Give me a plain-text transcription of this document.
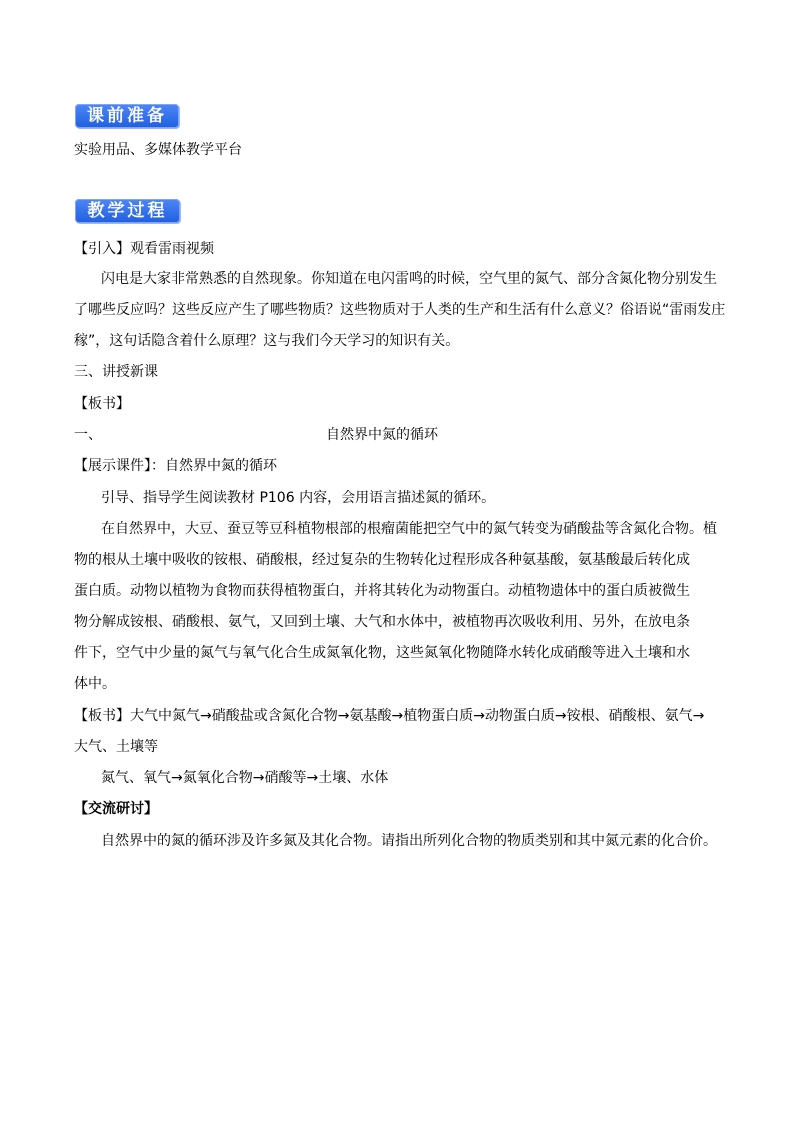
课前准备
实验用品、多媒体教学平台
教学过程
【引入】观看雷雨视频
闪电是大家非常熟悉的自然现象。你知道在电闪雷鸣的时候，空气里的氮气、部分含氮化物分别发生
了哪些反应吗？这些反应产生了哪些物质？这些物质对于人类的生产和生活有什么意义？俗语说“雷雨发庄
稼”，这句话隐含着什么原理？这与我们今天学习的知识有关。
三、讲授新课
【板书】
一、	自然界中氮的循环
【展示课件】：自然界中氮的循环
引导、指导学生阅读教材 P106 内容，会用语言描述氮的循环。
在自然界中，大豆、蚕豆等豆科植物根部的根瘤菌能把空气中的氮气转变为硝酸盐等含氮化合物。植
物的根从土壤中吸收的铵根、硝酸根，经过复杂的生物转化过程形成各种氨基酸，氨基酸最后转化成
蛋白质。动物以植物为食物而获得植物蛋白，并将其转化为动物蛋白。动植物遗体中的蛋白质被微生
物分解成铵根、硝酸根、氨气，又回到土壤、大气和水体中，被植物再次吸收利用、另外，在放电条
件下，空气中少量的氮气与氧气化合生成氮氧化物，这些氮氧化物随降水转化成硝酸等进入土壤和水
体中。
【板书】大气中氮气→硝酸盐或含氮化合物→氨基酸→植物蛋白质→动物蛋白质→铵根、硝酸根、氨气→
大气、土壤等
氮气、氧气→氮氧化合物→硝酸等→土壤、水体
【交流研讨】
自然界中的氮的循环涉及许多氮及其化合物。请指出所列化合物的物质类别和其中氮元素的化合价。
